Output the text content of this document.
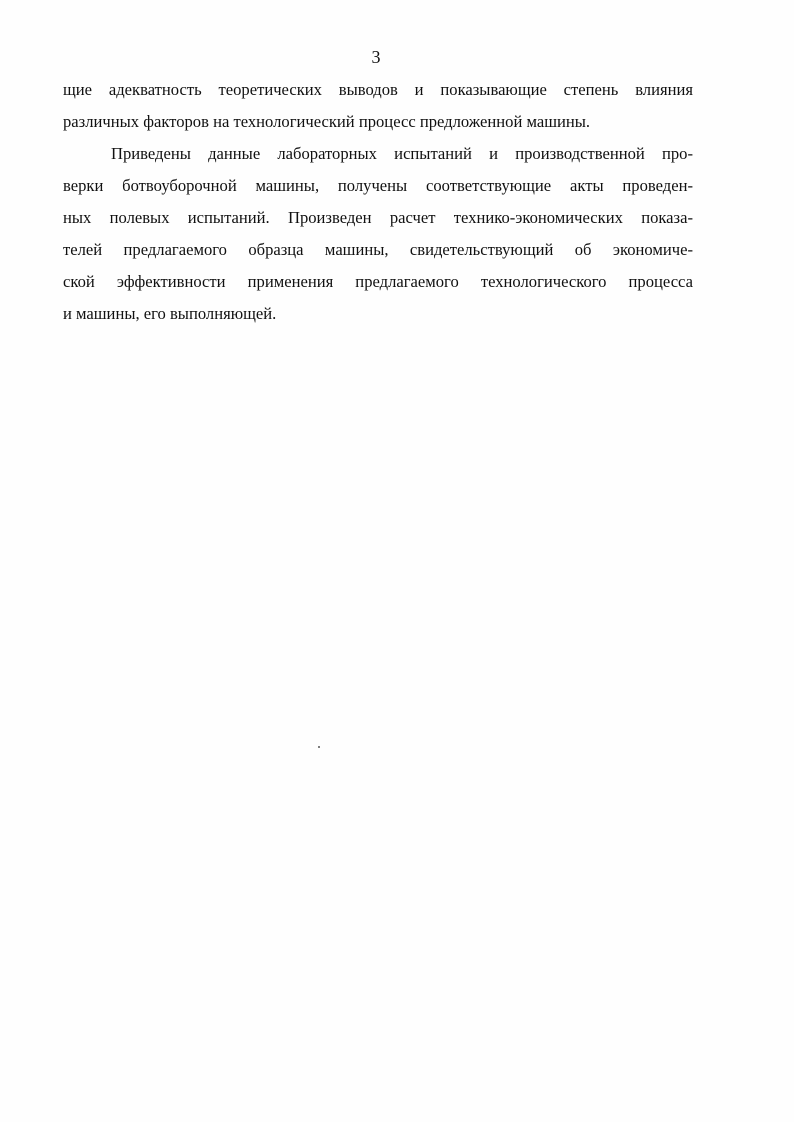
3
щие адекватность теоретических выводов и показывающие степень влияния
различных факторов на технологический процесс предложенной машины.
Приведены данные лабораторных испытаний и производственной про-
верки ботвоуборочной машины, получены соответствующие акты проведен-
ных полевых испытаний. Произведен расчет технико-экономических показа-
телей предлагаемого образца машины, свидетельствующий об экономиче-
ской эффективности применения предлагаемого технологического процесса
и машины, его выполняющей.
